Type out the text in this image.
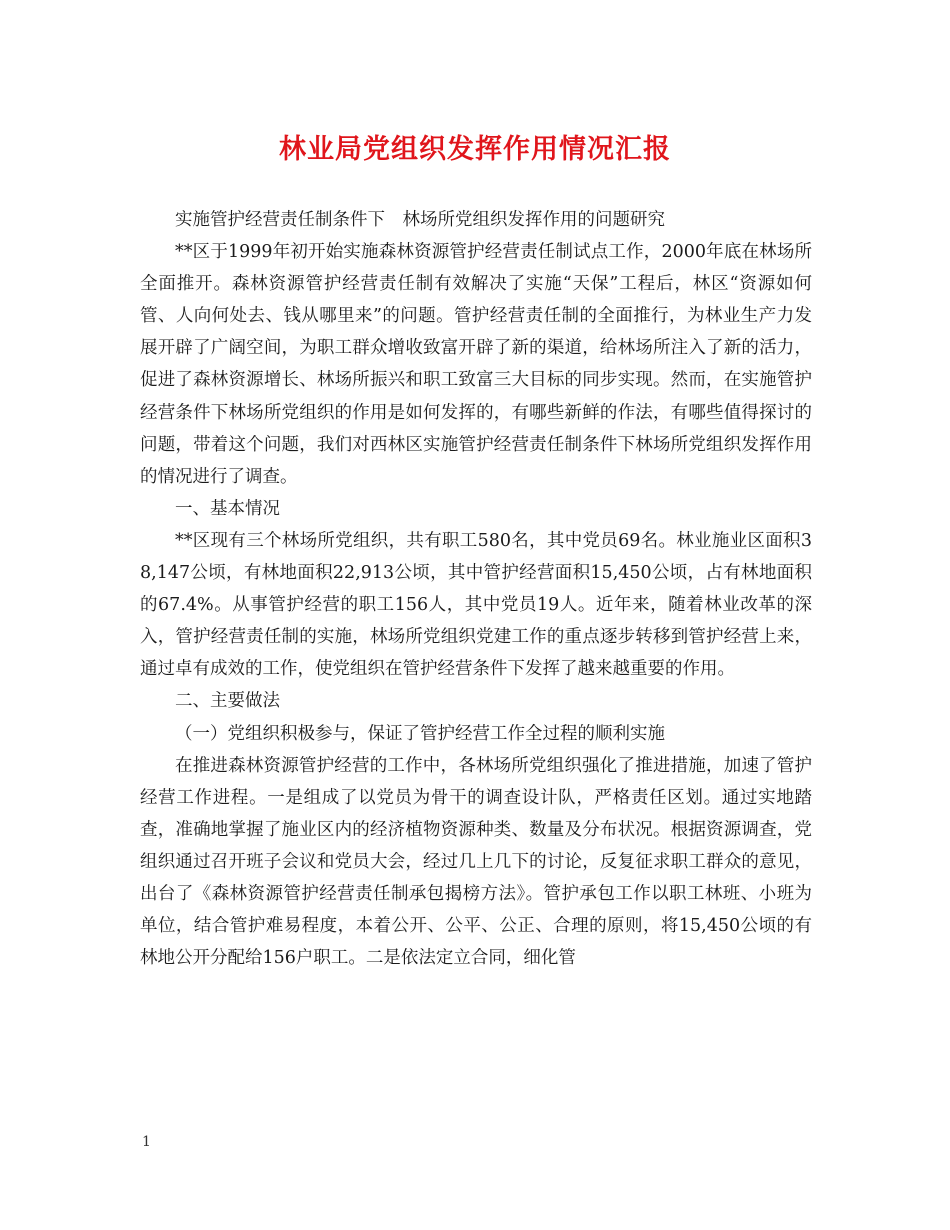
林业局党组织发挥作用情况汇报

实施管护经营责任制条件下　林场所党组织发挥作用的问题研究

**区于1999年初开始实施森林资源管护经营责任制试点工作，2000年底在林场所全面推开。森林资源管护经营责任制有效解决了实施“天保”工程后，林区“资源如何管、人向何处去、钱从哪里来”的问题。管护经营责任制的全面推行，为林业生产力发展开辟了广阔空间，为职工群众增收致富开辟了新的渠道，给林场所注入了新的活力，促进了森林资源增长、林场所振兴和职工致富三大目标的同步实现。然而，在实施管护经营条件下林场所党组织的作用是如何发挥的，有哪些新鲜的作法，有哪些值得探讨的问题，带着这个问题，我们对西林区实施管护经营责任制条件下林场所党组织发挥作用的情况进行了调查。

一、基本情况

**区现有三个林场所党组织，共有职工580名，其中党员69名。林业施业区面积38,147公顷，有林地面积22,913公顷，其中管护经营面积15,450公顷，占有林地面积的67.4%。从事管护经营的职工156人，其中党员19人。近年来，随着林业改革的深入，管护经营责任制的实施，林场所党组织党建工作的重点逐步转移到管护经营上来，通过卓有成效的工作，使党组织在管护经营条件下发挥了越来越重要的作用。

二、主要做法

（一）党组织积极参与，保证了管护经营工作全过程的顺利实施

在推进森林资源管护经营的工作中，各林场所党组织强化了推进措施，加速了管护经营工作进程。一是组成了以党员为骨干的调查设计队，严格责任区划。通过实地踏查，准确地掌握了施业区内的经济植物资源种类、数量及分布状况。根据资源调查，党组织通过召开班子会议和党员大会，经过几上几下的讨论，反复征求职工群众的意见，出台了《森林资源管护经营责任制承包揭榜方法》。管护承包工作以职工林班、小班为单位，结合管护难易程度，本着公开、公平、公正、合理的原则，将15,450公顷的有林地公开分配给156户职工。二是依法定立合同，细化管

1
